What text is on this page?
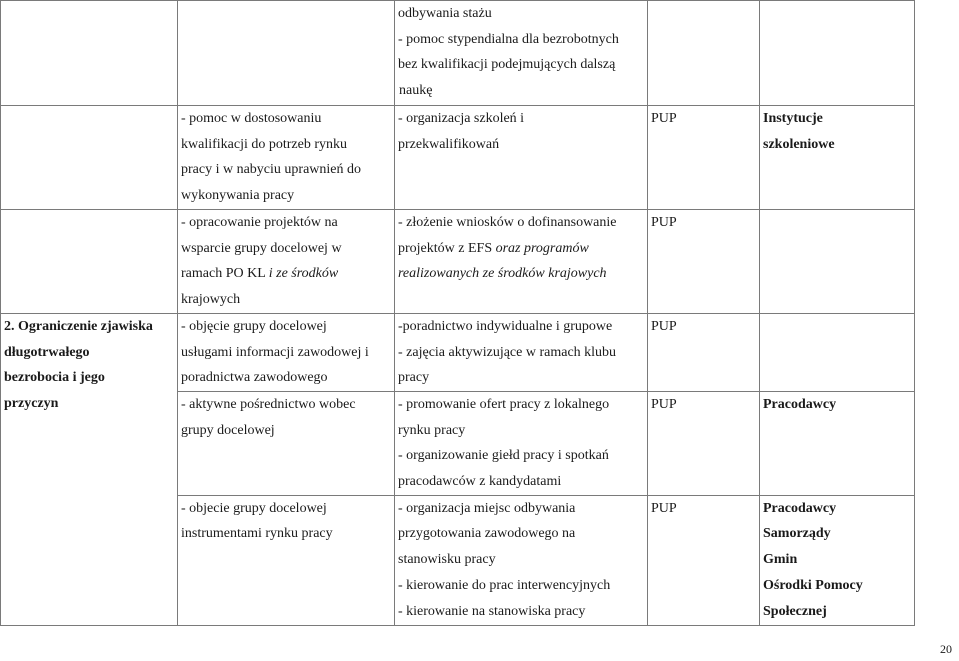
		odbywania stażu
- pomoc stypendialna dla bezrobotnych
bez kwalifikacji podejmujących dalszą
naukę		

	- pomoc w dostosowaniu
kwalifikacji do potrzeb rynku
pracy i w nabyciu uprawnień do
wykonywania pracy	- organizacja szkoleń i
przekwalifikowań	PUP	Instytucje
szkoleniowe

	- opracowanie projektów na
wsparcie grupy docelowej w
ramach PO KL i ze środków
krajowych	- złożenie wniosków o dofinansowanie
projektów z EFS oraz programów
realizowanych ze środków krajowych	PUP	

2. Ograniczenie zjawiska
długotrwałego
bezrobocia i jego
przyczyn	- objęcie grupy docelowej
usługami informacji zawodowej i
poradnictwa zawodowego	-poradnictwo indywidualne i grupowe
- zajęcia aktywizujące w ramach klubu
pracy	PUP	

	- aktywne pośrednictwo wobec
grupy docelowej	- promowanie ofert pracy z lokalnego
rynku pracy
- organizowanie giełd pracy i spotkań
pracodawców z kandydatami	PUP	Pracodawcy

	- objecie grupy docelowej
instrumentami rynku pracy	- organizacja miejsc odbywania
przygotowania zawodowego na
stanowisku pracy
- kierowanie do prac interwencyjnych
- kierowanie na stanowiska pracy	PUP	Pracodawcy
Samorządy
Gmin
Ośrodki Pomocy
Społecznej
20
